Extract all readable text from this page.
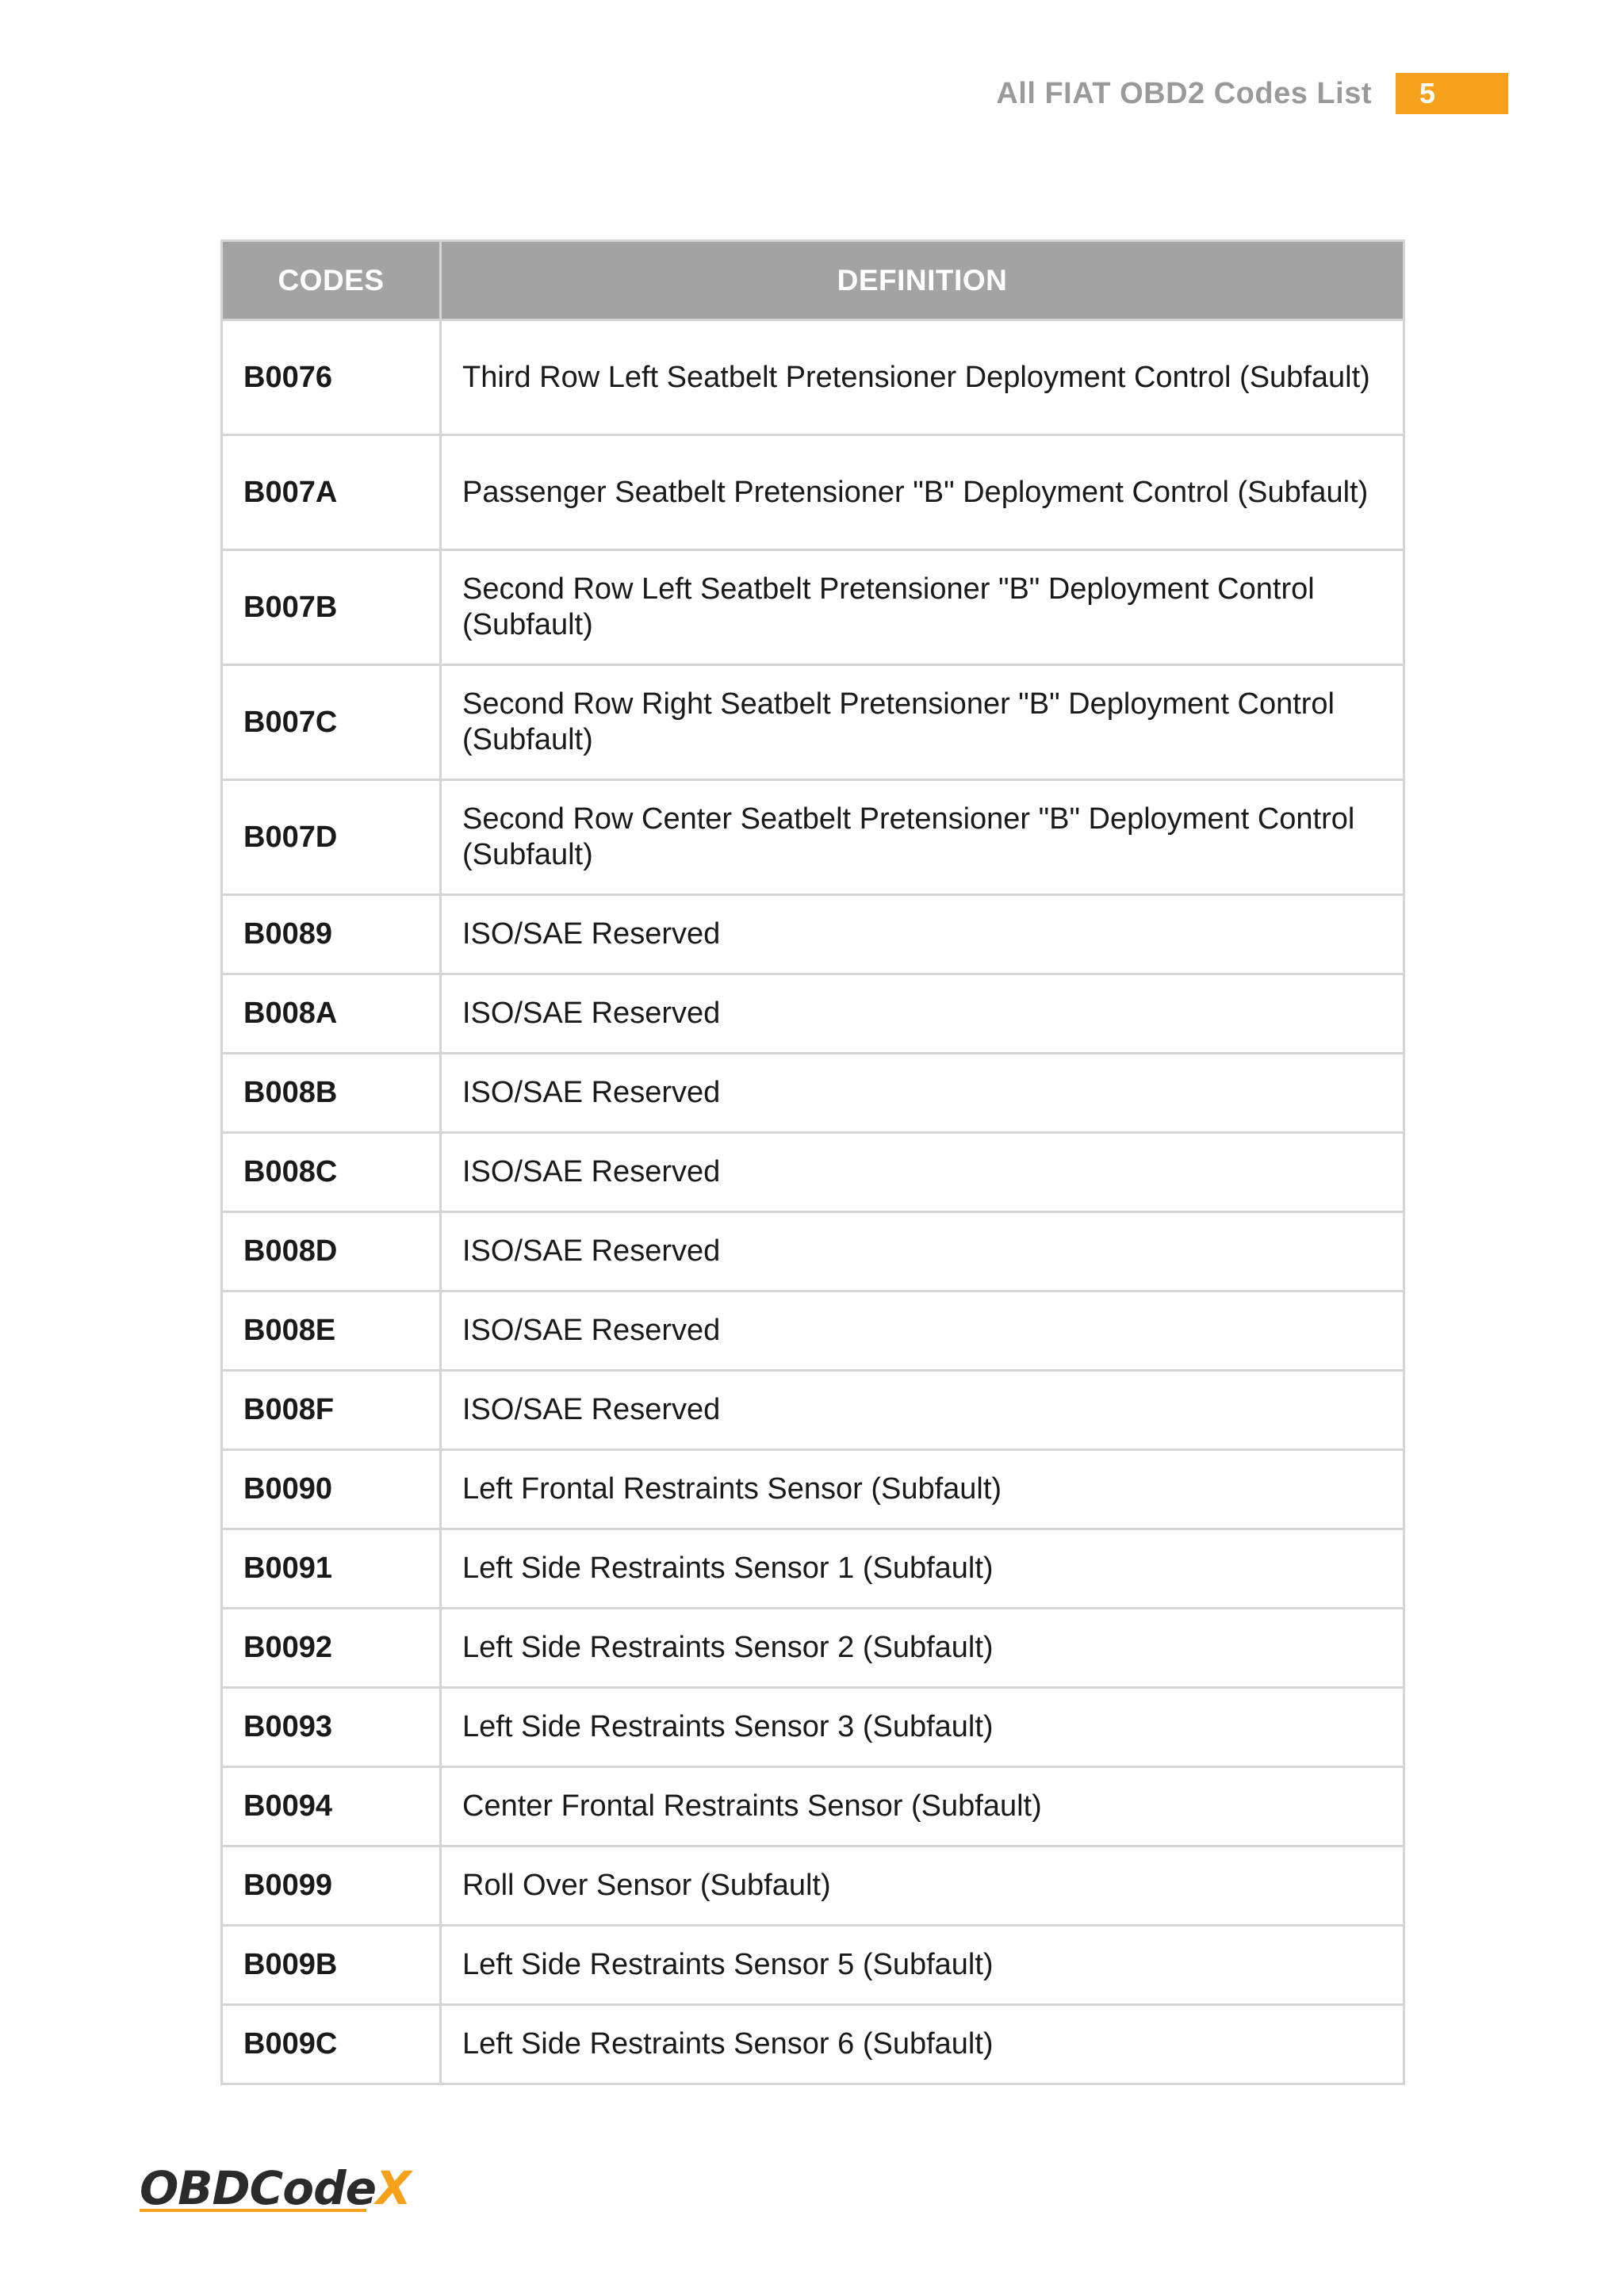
All FIAT OBD2 Codes List	5
CODES	DEFINITION
B0076	Third Row Left Seatbelt Pretensioner Deployment Control (Subfault)
B007A	Passenger Seatbelt Pretensioner "B" Deployment Control (Subfault)
B007B	Second Row Left Seatbelt Pretensioner "B" Deployment Control (Subfault)
B007C	Second Row Right Seatbelt Pretensioner "B" Deployment Control (Subfault)
B007D	Second Row Center Seatbelt Pretensioner "B" Deployment Control (Subfault)
B0089	ISO/SAE Reserved
B008A	ISO/SAE Reserved
B008B	ISO/SAE Reserved
B008C	ISO/SAE Reserved
B008D	ISO/SAE Reserved
B008E	ISO/SAE Reserved
B008F	ISO/SAE Reserved
B0090	Left Frontal Restraints Sensor (Subfault)
B0091	Left Side Restraints Sensor 1 (Subfault)
B0092	Left Side Restraints Sensor 2 (Subfault)
B0093	Left Side Restraints Sensor 3 (Subfault)
B0094	Center Frontal Restraints Sensor (Subfault)
B0099	Roll Over Sensor (Subfault)
B009B	Left Side Restraints Sensor 5 (Subfault)
B009C	Left Side Restraints Sensor 6 (Subfault)
OBDCodeX
